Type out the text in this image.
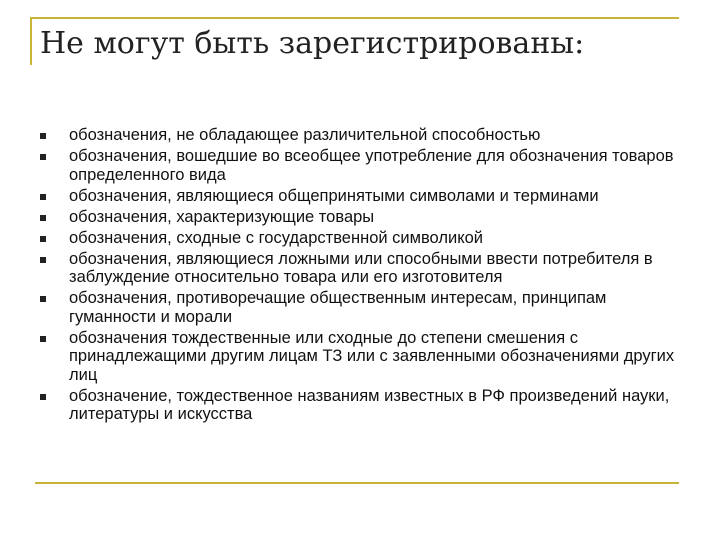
Не могут быть зарегистрированы:
обозначения, не обладающее различительной способностью
обозначения, вошедшие во всеобщее употребление для обозначения товаров определенного вида
обозначения, являющиеся общепринятыми символами и терминами
обозначения, характеризующие товары
обозначения, сходные с государственной символикой
обозначения, являющиеся ложными или способными ввести потребителя в заблуждение относительно товара или его изготовителя
обозначения, противоречащие общественным интересам, принципам гуманности и морали
обозначения тождественные или сходные до степени смешения с принадлежащими другим лицам ТЗ или с заявленными обозначениями других лиц
обозначение, тождественное названиям известных в РФ произведений науки, литературы и искусства
